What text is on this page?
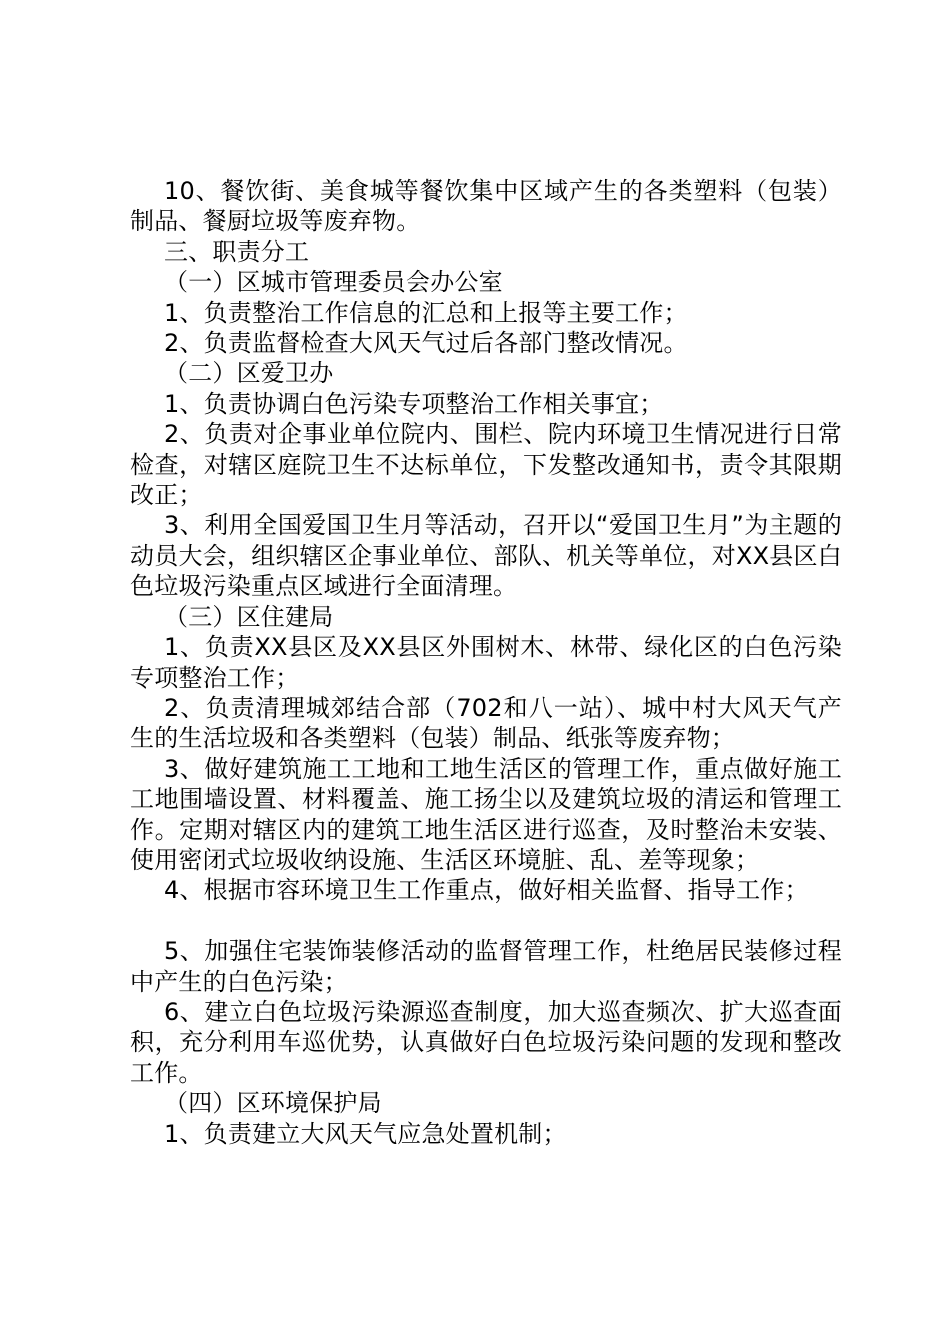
10、餐饮街、美食城等餐饮集中区域产生的各类塑料（包装）制品、餐厨垃圾等废弃物。

三、职责分工

（一）区城市管理委员会办公室

1、负责整治工作信息的汇总和上报等主要工作；

2、负责监督检查大风天气过后各部门整改情况。

（二）区爱卫办

1、负责协调白色污染专项整治工作相关事宜；

2、负责对企事业单位院内、围栏、院内环境卫生情况进行日常检查，对辖区庭院卫生不达标单位，下发整改通知书，责令其限期改正；

3、利用全国爱国卫生月等活动，召开以“爱国卫生月”为主题的动员大会，组织辖区企事业单位、部队、机关等单位，对XX县区白色垃圾污染重点区域进行全面清理。

（三）区住建局

1、负责XX县区及XX县区外围树木、林带、绿化区的白色污染专项整治工作；

2、负责清理城郊结合部（702和八一站）、城中村大风天气产生的生活垃圾和各类塑料（包装）制品、纸张等废弃物；

3、做好建筑施工工地和工地生活区的管理工作，重点做好施工工地围墙设置、材料覆盖、施工扬尘以及建筑垃圾的清运和管理工作。定期对辖区内的建筑工地生活区进行巡查，及时整治未安装、使用密闭式垃圾收纳设施、生活区环境脏、乱、差等现象；

4、根据市容环境卫生工作重点，做好相关监督、指导工作；

5、加强住宅装饰装修活动的监督管理工作，杜绝居民装修过程中产生的白色污染；

6、建立白色垃圾污染源巡查制度，加大巡查频次、扩大巡查面积，充分利用车巡优势，认真做好白色垃圾污染问题的发现和整改工作。

（四）区环境保护局

1、负责建立大风天气应急处置机制；
